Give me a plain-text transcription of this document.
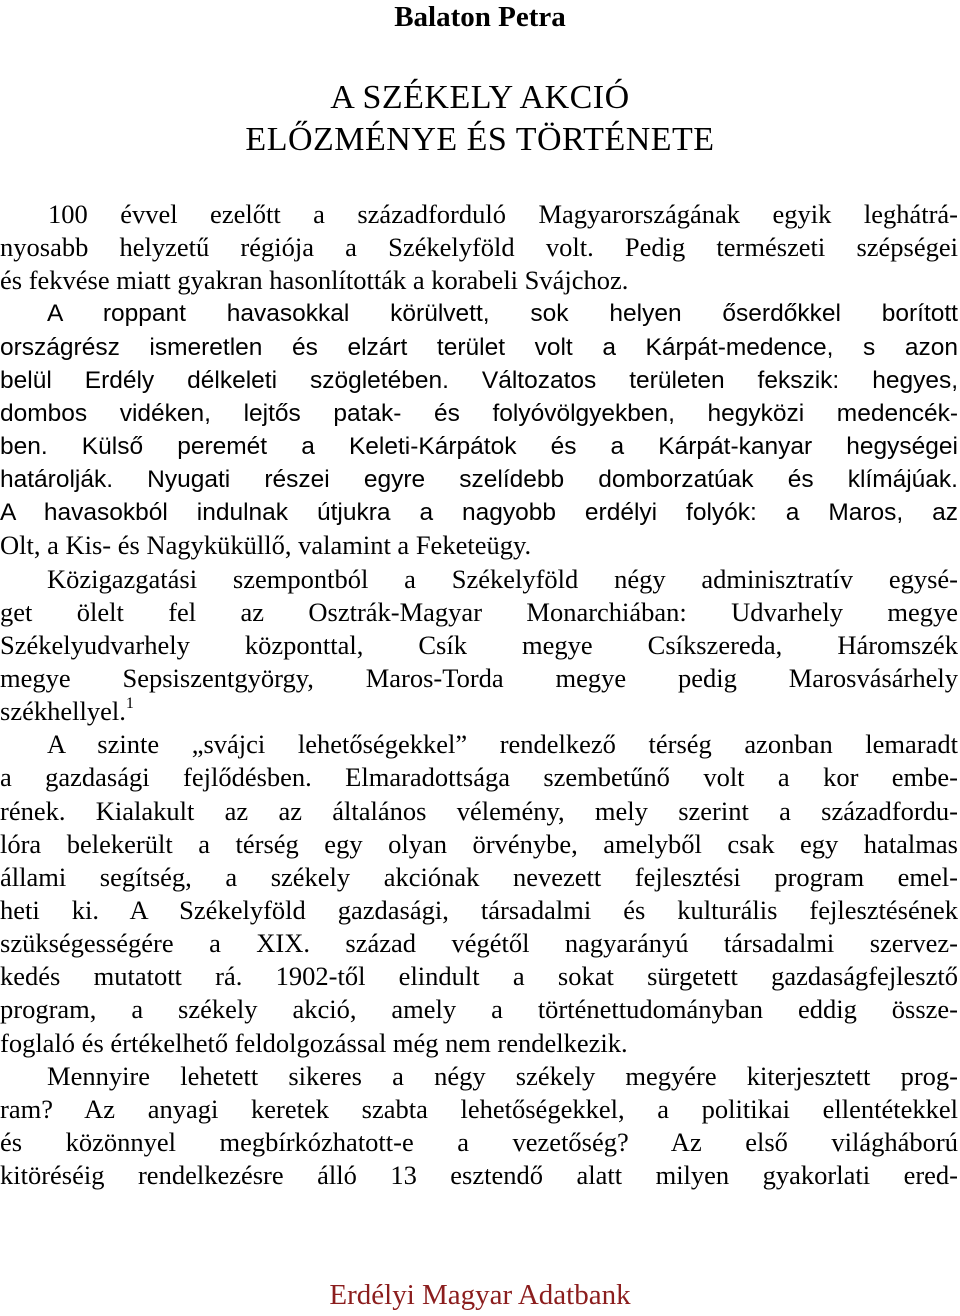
Balaton Petra
A SZÉKELY AKCIÓ
ELŐZMÉNYE ÉS TÖRTÉNETE
100 évvel ezelőtt a századforduló Magyarországának egyik leghátrá-
nyosabb helyzetű régiója a Székelyföld volt. Pedig természeti szépségei
és fekvése miatt gyakran hasonlították a korabeli Svájchoz.
A roppant havasokkal körülvett, sok helyen őserdőkkel borított
országrész ismeretlen és elzárt terület volt a Kárpát-medence, s azon
belül Erdély délkeleti szögletében. Változatos területen fekszik: hegyes,
dombos vidéken, lejtős patak- és folyóvölgyekben, hegyközi medencék-
ben. Külső peremét a Keleti-Kárpátok és a Kárpát-kanyar hegységei
határolják. Nyugati részei egyre szelídebb domborzatúak és klímájúak.
A havasokból indulnak útjukra a nagyobb erdélyi folyók: a Maros, az
Olt, a Kis- és Nagyküküllő, valamint a Feketeügy.
Közigazgatási szempontból a Székelyföld négy adminisztratív egysé-
get ölelt fel az Osztrák-Magyar Monarchiában: Udvarhely megye
Székelyudvarhely központtal, Csík megye Csíkszereda, Háromszék
megye Sepsiszentgyörgy, Maros-Torda megye pedig Marosvásárhely
székhellyel.$^1$
A szinte „svájci lehetőségekkel” rendelkező térség azonban lemaradt
a gazdasági fejlődésben. Elmaradottsága szembetűnő volt a kor embe-
rének. Kialakult az az általános vélemény, mely szerint a századfordu-
lóra belekerült a térség egy olyan örvénybe, amelyből csak egy hatalmas
állami segítség, a székely akciónak nevezett fejlesztési program emel-
heti ki. A Székelyföld gazdasági, társadalmi és kulturális fejlesztésének
szükségességére a XIX. század végétől nagyarányú társadalmi szervez-
kedés mutatott rá. 1902-től elindult a sokat sürgetett gazdaságfejlesztő
program, a székely akció, amely a történettudományban eddig össze-
foglaló és értékelhető feldolgozással még nem rendelkezik.
Mennyire lehetett sikeres a négy székely megyére kiterjesztett prog-
ram? Az anyagi keretek szabta lehetőségekkel, a politikai ellentétekkel
és közönnyel megbírkózhatott-e a vezetőség? Az első világháború
kitöréséig rendelkezésre álló 13 esztendő alatt milyen gyakorlati ered-
Erdélyi Magyar Adatbank
